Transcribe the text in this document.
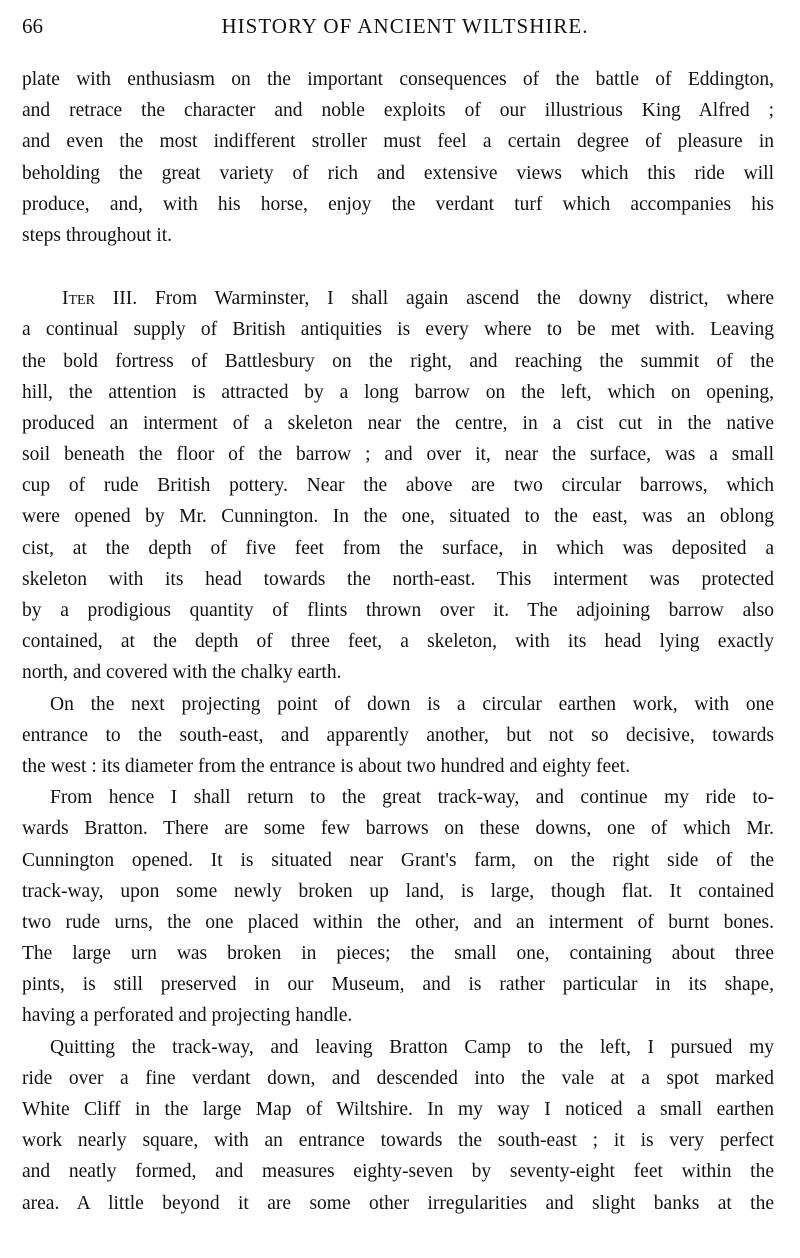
66	HISTORY OF ANCIENT WILTSHIRE.
plate with enthusiasm on the important consequences of the battle of Eddington,
and retrace the character and noble exploits of our illustrious King Alfred ;
and even the most indifferent stroller must feel a certain degree of pleasure in
beholding the great variety of rich and extensive views which this ride will
produce, and, with his horse, enjoy the verdant turf which accompanies his
steps throughout it.
Iter III. From Warminster, I shall again ascend the downy district, where
a continual supply of British antiquities is every where to be met with. Leaving
the bold fortress of Battlesbury on the right, and reaching the summit of the
hill, the attention is attracted by a long barrow on the left, which on opening,
produced an interment of a skeleton near the centre, in a cist cut in the native
soil beneath the floor of the barrow ; and over it, near the surface, was a small
cup of rude British pottery. Near the above are two circular barrows, which
were opened by Mr. Cunnington. In the one, situated to the east, was an oblong
cist, at the depth of five feet from the surface, in which was deposited a
skeleton with its head towards the north-east. This interment was protected
by a prodigious quantity of flints thrown over it. The adjoining barrow also
contained, at the depth of three feet, a skeleton, with its head lying exactly
north, and covered with the chalky earth.
On the next projecting point of down is a circular earthen work, with one
entrance to the south-east, and apparently another, but not so decisive, towards
the west : its diameter from the entrance is about two hundred and eighty feet.
From hence I shall return to the great track-way, and continue my ride to-
wards Bratton. There are some few barrows on these downs, one of which Mr.
Cunnington opened. It is situated near Grant's farm, on the right side of the
track-way, upon some newly broken up land, is large, though flat. It contained
two rude urns, the one placed within the other, and an interment of burnt bones.
The large urn was broken in pieces; the small one, containing about three
pints, is still preserved in our Museum, and is rather particular in its shape,
having a perforated and projecting handle.
Quitting the track-way, and leaving Bratton Camp to the left, I pursued my
ride over a fine verdant down, and descended into the vale at a spot marked
White Cliff in the large Map of Wiltshire. In my way I noticed a small earthen
work nearly square, with an entrance towards the south-east ; it is very perfect
and neatly formed, and measures eighty-seven by seventy-eight feet within the
area. A little beyond it are some other irregularities and slight banks at the
